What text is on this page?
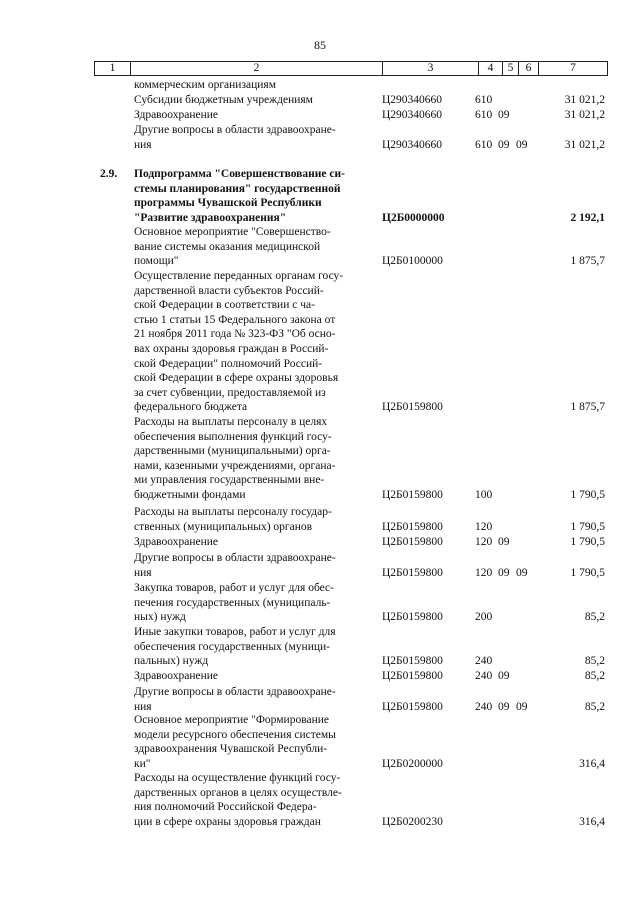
85
1	2	3	4	5	6	7
коммерческим организациям
Субсидии бюджетным учреждениям	Ц290340660	610	31 021,2
Здравоохранение	Ц290340660	610 09	31 021,2
Другие вопросы в области здравоохране-
ния	Ц290340660	610 09 09	31 021,2
2.9. Подпрограмма "Совершенствование си-
стемы планирования" государственной
программы Чувашской Республики
"Развитие здравоохранения"	Ц2Б0000000	2 192,1
Основное мероприятие "Совершенство-
вание системы оказания медицинской
помощи"	Ц2Б0100000	1 875,7
Осуществление переданных органам госу-
дарственной власти субъектов Россий-
ской Федерации в соответствии с ча-
стью 1 статьи 15 Федерального закона от
21 ноября 2011 года № 323-ФЗ "Об осно-
вах охраны здоровья граждан в Россий-
ской Федерации" полномочий Россий-
ской Федерации в сфере охраны здоровья
за счет субвенции, предоставляемой из
федерального бюджета	Ц2Б0159800	1 875,7
Расходы на выплаты персоналу в целях
обеспечения выполнения функций госу-
дарственными (муниципальными) орга-
нами, казенными учреждениями, органа-
ми управления государственными вне-
бюджетными фондами	Ц2Б0159800	100	1 790,5
Расходы на выплаты персоналу государ-
ственных (муниципальных) органов	Ц2Б0159800	120	1 790,5
Здравоохранение	Ц2Б0159800	120 09	1 790,5
Другие вопросы в области здравоохране-
ния	Ц2Б0159800	120 09 09	1 790,5
Закупка товаров, работ и услуг для обес-
печения государственных (муниципаль-
ных) нужд	Ц2Б0159800	200	85,2
Иные закупки товаров, работ и услуг для
обеспечения государственных (муници-
пальных) нужд	Ц2Б0159800	240	85,2
Здравоохранение	Ц2Б0159800	240 09	85,2
Другие вопросы в области здравоохране-
ния	Ц2Б0159800	240 09 09	85,2
Основное мероприятие "Формирование
модели ресурсного обеспечения системы
здравоохранения Чувашской Республи-
ки"	Ц2Б0200000	316,4
Расходы на осуществление функций госу-
дарственных органов в целях осуществле-
ния полномочий Российской Федера-
ции в сфере охраны здоровья граждан	Ц2Б0200230	316,4
